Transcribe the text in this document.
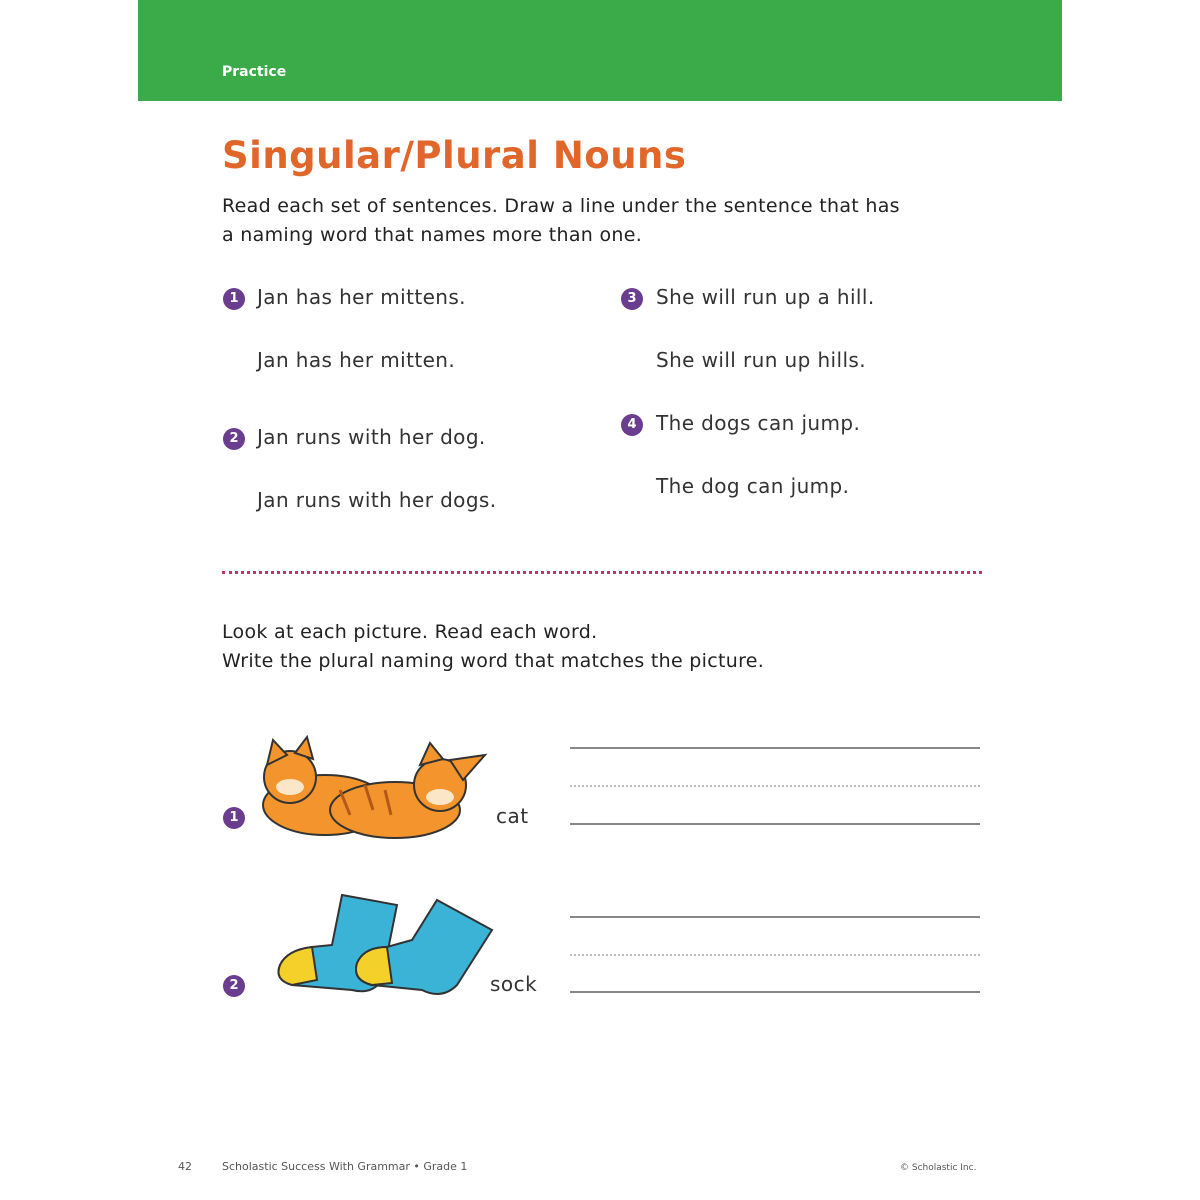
Practice
Singular/Plural Nouns
Read each set of sentences. Draw a line under the sentence that has
a naming word that names more than one.
1 Jan has her mittens.
Jan has her mitten.
2 Jan runs with her dog.
Jan runs with her dogs.
3 She will run up a hill.
She will run up hills.
4 The dogs can jump.
The dog can jump.
Look at each picture. Read each word.
Write the plural naming word that matches the picture.
1	cat
2	sock
42	Scholastic Success With Grammar • Grade 1	© Scholastic Inc.
